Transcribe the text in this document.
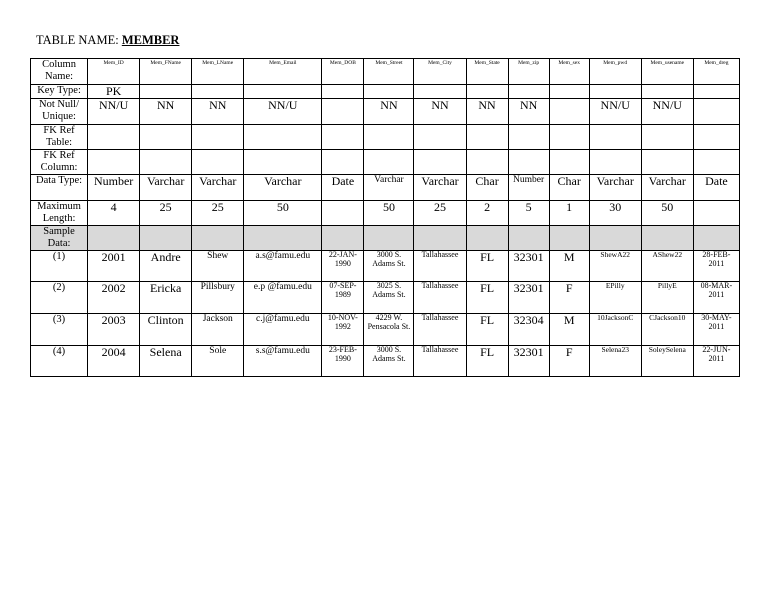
TABLE NAME: MEMBER
Column Name:	Mem_ID	Mem_FName	Mem_LName	Mem_Email	Mem_DOB	Mem_Street	Mem_City	Mem_State	Mem_zip	Mem_sex	Mem_pwd	Mem_usename	Mem_dreg
Key Type:	PK												
Not Null/ Unique:	NN/U	NN	NN	NN/U		NN	NN	NN	NN		NN/U	NN/U	
FK Ref Table:													
FK Ref Column:													
Data Type:	Number	Varchar	Varchar	Varchar	Date	Varchar	Varchar	Char	Number	Char	Varchar	Varchar	Date
Maximum Length:	4	25	25	50		50	25	2	5	1	30	50	
Sample Data:													
(1)	2001	Andre	Shew	a.s@famu.edu	22-JAN-1990	3000 S. Adams St.	Tallahassee	FL	32301	M	ShewA22	AShew22	28-FEB-2011
(2)	2002	Ericka	Pillsbury	e.p @famu.edu	07-SEP-1989	3025 S. Adams St.	Tallahassee	FL	32301	F	EPilly	PillyE	08-MAR-2011
(3)	2003	Clinton	Jackson	c.j@famu.edu	10-NOV-1992	4229 W. Pensacola St.	Tallahassee	FL	32304	M	10JacksonC	CJackson10	30-MAY-2011
(4)	2004	Selena	Sole	s.s@famu.edu	23-FEB-1990	3000 S. Adams St.	Tallahassee	FL	32301	F	Selena23	SoleySelena	22-JUN-2011
